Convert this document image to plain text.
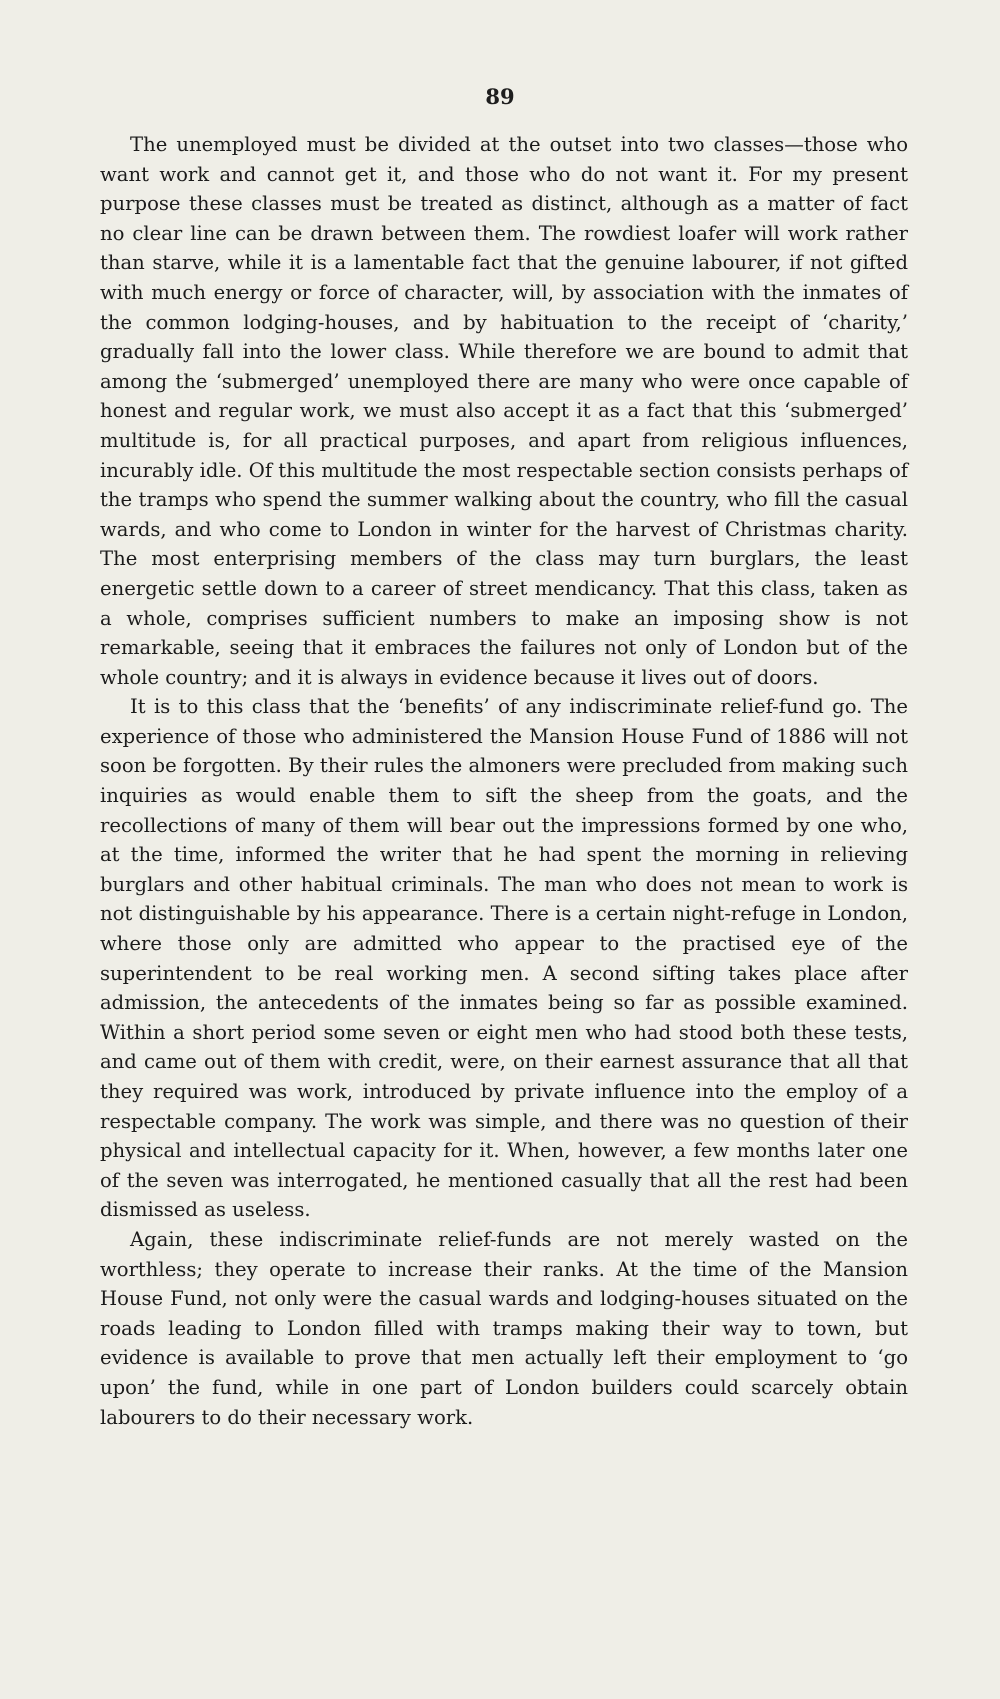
89

The unemployed must be divided at the outset into two classes—those who want work and cannot get it, and those who do not want it. For my present purpose these classes must be treated as distinct, although as a matter of fact no clear line can be drawn between them. The rowdiest loafer will work rather than starve, while it is a lamentable fact that the genuine labourer, if not gifted with much energy or force of character, will, by association with the inmates of the common lodging-houses, and by habituation to the receipt of ‘charity,’ gradually fall into the lower class. While therefore we are bound to admit that among the ‘submerged’ unemployed there are many who were once capable of honest and regular work, we must also accept it as a fact that this ‘submerged’ multitude is, for all practical purposes, and apart from religious influences, incurably idle. Of this multitude the most respectable section consists perhaps of the tramps who spend the summer walking about the country, who fill the casual wards, and who come to London in winter for the harvest of Christmas charity. The most enterprising members of the class may turn burglars, the least energetic settle down to a career of street mendicancy. That this class, taken as a whole, comprises sufficient numbers to make an imposing show is not remarkable, seeing that it embraces the failures not only of London but of the whole country; and it is always in evidence because it lives out of doors.

It is to this class that the ‘benefits’ of any indiscriminate relief-fund go. The experience of those who administered the Mansion House Fund of 1886 will not soon be forgotten. By their rules the almoners were precluded from making such inquiries as would enable them to sift the sheep from the goats, and the recollections of many of them will bear out the impressions formed by one who, at the time, informed the writer that he had spent the morning in relieving burglars and other habitual criminals. The man who does not mean to work is not distinguishable by his appearance. There is a certain night-refuge in London, where those only are admitted who appear to the practised eye of the superintendent to be real working men. A second sifting takes place after admission, the antecedents of the inmates being so far as possible examined. Within a short period some seven or eight men who had stood both these tests, and came out of them with credit, were, on their earnest assurance that all that they required was work, introduced by private influence into the employ of a respectable company. The work was simple, and there was no question of their physical and intellectual capacity for it. When, however, a few months later one of the seven was interrogated, he mentioned casually that all the rest had been dismissed as useless.

Again, these indiscriminate relief-funds are not merely wasted on the worthless; they operate to increase their ranks. At the time of the Mansion House Fund, not only were the casual wards and lodging-houses situated on the roads leading to London filled with tramps making their way to town, but evidence is available to prove that men actually left their employment to ‘go upon’ the fund, while in one part of London builders could scarcely obtain labourers to do their necessary work.
